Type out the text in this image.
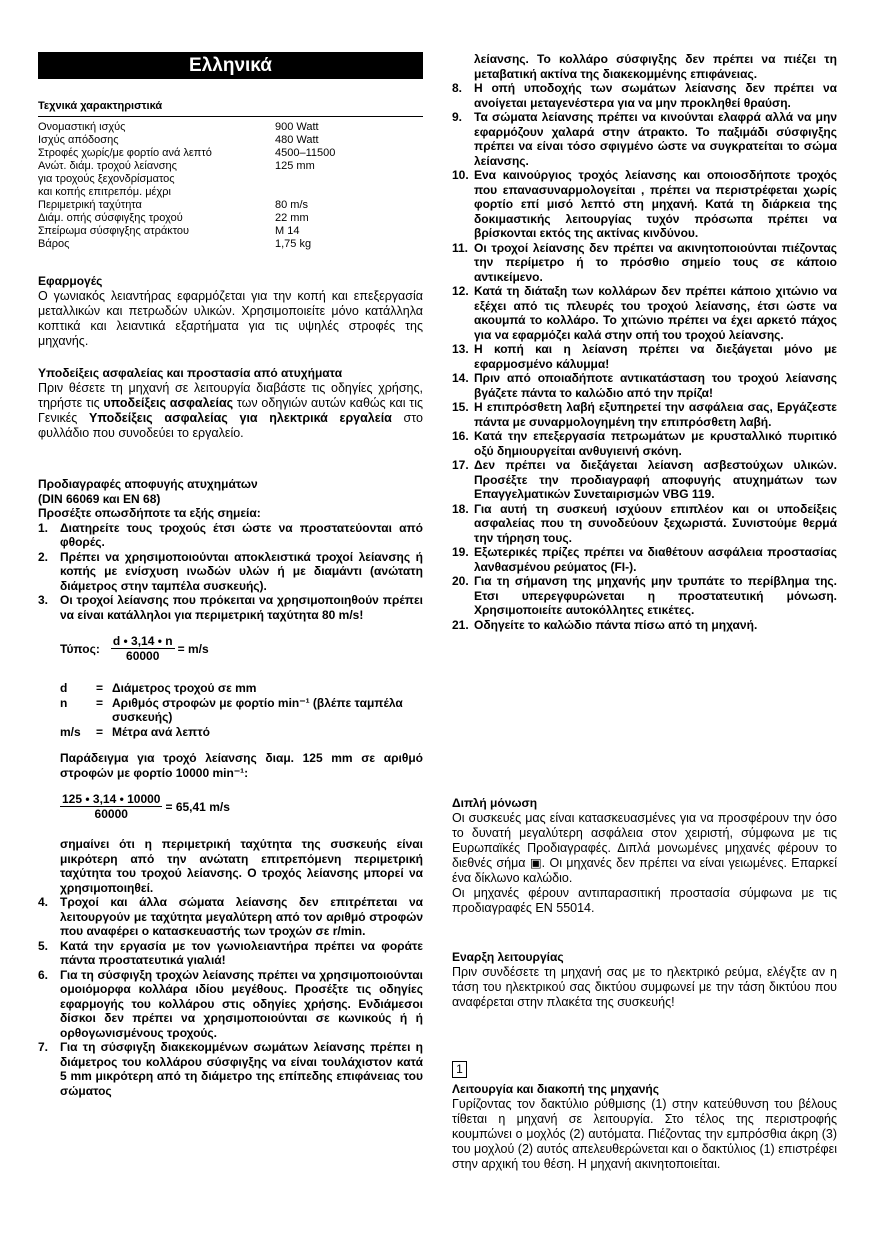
Ελληνικά
Τεχνικά χαρακτηριστικά
Ονομαστική ισχύς	900 Watt
Ισχύς απόδοσης	480 Watt
Στροφές χωρίς/με φορτίο ανά λεπτό	4500–11500
Ανώτ. διάμ. τροχού λείανσης	125 mm
για τροχούς ξεχονδρίσματος
και κοπής επιτρεπόμ. μέχρι
Περιμετρική ταχύτητα	80 m/s
Διάμ. οπής σύσφιγξης τροχού	22 mm
Σπείρωμα σύσφιγξης ατράκτου	M 14
Βάρος	1,75 kg
Εφαρμογές
Ο γωνιακός λειαντήρας εφαρμόζεται για την κοπή και επεξεργασία μεταλλικών και πετρωδών υλικών. Χρησιμοποιείτε μόνο κατάλληλα κοπτικά και λειαντικά εξαρτήματα για τις υψηλές στροφές της μηχανής.
Υποδείξεις ασφαλείας και προστασία από ατυχήματα
Πριν θέσετε τη μηχανή σε λειτουργία διαβάστε τις οδηγίες χρήσης, τηρήστε τις υποδείξεις ασφαλείας των οδηγιών αυτών καθώς και τις Γενικές Υποδείξεις ασφαλείας για ηλεκτρικά εργαλεία στο φυλλάδιο που συνοδεύει το εργαλείο.
Προδιαγραφές αποφυγής ατυχημάτων
(DIN 66069 και EN 68)
Προσέξτε οπωσδήποτε τα εξής σημεία:
1. Διατηρείτε τους τροχούς έτσι ώστε να προστατεύονται από φθορές.
2. Πρέπει να χρησιμοποιούνται αποκλειστικά τροχοί λείανσης ή κοπής με ενίσχυση ινωδών υλών ή με διαμάντι (ανώτατη διάμετρος στην ταμπέλα συσκευής).
3. Οι τροχοί λείανσης που πρόκειται να χρησιμοποιηθούν πρέπει να είναι κατάλληλοι για περιμετρική ταχύτητα 80 m/s!
Τύπος: $\frac{d • 3,14 • n}{60000} = m/s$
d	= Διάμετρος τροχού σε mm
n	= Αριθμός στροφών με φορτίο min⁻¹ (βλέπε ταμπέλα συσκευής)
m/s	= Μέτρα ανά λεπτό
Παράδειγμα για τροχό λείανσης διαμ. 125 mm σε αριθμό στροφών με φορτίο 10000 min⁻¹:
$\frac{125 • 3,14 • 10000}{60000} = 65,41$ m/s
σημαίνει ότι η περιμετρική ταχύτητα της συσκευής είναι μικρότερη από την ανώτατη επιτρεπόμενη περιμετρική ταχύτητα του τροχού λείανσης. Ο τροχός λείανσης μπορεί να χρησιμοποιηθεί.
4. Τροχοί και άλλα σώματα λείανσης δεν επιτρέπεται να λειτουργούν με ταχύτητα μεγαλύτερη από τον αριθμό στροφών που αναφέρει ο κατασκευαστής των τροχών σε r/min.
5. Κατά την εργασία με τον γωνιολειαντήρα πρέπει να φοράτε πάντα προστατευτικά γιαλιά!
6. Για τη σύσφιγξη τροχών λείανσης πρέπει να χρησιμοποιούνται ομοιόμορφα κολλάρα ιδίου μεγέθους. Προσέξτε τις οδηγίες εφαρμογής του κολλάρου στις οδηγίες χρήσης. Ενδιάμεσοι δίσκοι δεν πρέπει να χρησιμοποιούνται σε κωνικούς ή ή ορθογωνισμένους τροχούς.
7. Για τη σύσφιγξη διακεκομμένων σωμάτων λείανσης πρέπει η διάμετρος του κολλάρου σύσφιγξης να είναι τουλάχιστον κατά 5 mm μικρότερη από τη διάμετρο της επίπεδης επιφάνειας του σώματος
λείανσης. Το κολλάρο σύσφιγξης δεν πρέπει να πιέζει τη μεταβατική ακτίνα της διακεκομμένης επιφάνειας.
8. Η οπή υποδοχής των σωμάτων λείανσης δεν πρέπει να ανοίγεται μεταγενέστερα για να μην προκληθεί θραύση.
9. Τα σώματα λείανσης πρέπει να κινούνται ελαφρά αλλά να μην εφαρμόζουν χαλαρά στην άτρακτο. Το παξιμάδι σύσφιγξης πρέπει να είναι τόσο σφιγμένο ώστε να συγκρατείται το σώμα λείανσης.
10. Ενα καινούργιος τροχός λείανσης και οποιοσδήποτε τροχός που επανασυναρμολογείται , πρέπει να περιστρέφεται χωρίς φορτίο επί μισό λεπτό στη μηχανή. Κατά τη διάρκεια της δοκιμαστικής λειτουργίας τυχόν πρόσωπα πρέπει να βρίσκονται εκτός της ακτίνας κινδύνου.
11. Οι τροχοί λείανσης δεν πρέπει να ακινητοποιούνται πιέζοντας την περίμετρο ή το πρόσθιο σημείο τους σε κάποιο αντικείμενο.
12. Κατά τη διάταξη των κολλάρων δεν πρέπει κάποιο χιτώνιο να εξέχει από τις πλευρές του τροχού λείανσης, έτσι ώστε να ακουμπά το κολλάρο. Το χιτώνιο πρέπει να έχει αρκετό πάχος για να εφαρμόζει καλά στην οπή του τροχού λείανσης.
13. Η κοπή και η λείανση πρέπει να διεξάγεται μόνο με εφαρμοσμένο κάλυμμα!
14. Πριν από οποιαδήποτε αντικατάσταση του τροχού λείανσης βγάζετε πάντα το καλώδιο από την πρίζα!
15. Η επιπρόσθετη λαβή εξυπηρετεί την ασφάλεια σας, Εργάζεστε πάντα με συναρμολογημένη την επιπρόσθετη λαβή.
16. Κατά την επεξεργασία πετρωμάτων με κρυσταλλικό πυριτικό οξύ δημιουργείται ανθυγιεινή σκόνη.
17. Δεν πρέπει να διεξάγεται λείανση ασβεστούχων υλικών. Προσέξτε την προδιαγραφή αποφυγής ατυχημάτων των Επαγγελματικών Συνεταιρισμών VBG 119.
18. Για αυτή τη συσκευή ισχύουν επιπλέον και οι υποδείξεις ασφαλείας που τη συνοδεύουν ξεχωριστά. Συνιστούμε θερμά την τήρηση τους.
19. Εξωτερικές πρίζες πρέπει να διαθέτουν ασφάλεια προστασίας λανθασμένου ρεύματος (FI-).
20. Για τη σήμανση της μηχανής μην τρυπάτε το περίβλημα της. Ετσι υπερεγφυρώνεται η προστατευτική μόνωση. Χρησιμοποιείτε αυτοκόλλητες ετικέτες.
21. Οδηγείτε το καλώδιο πάντα πίσω από τη μηχανή.
Διπλή μόνωση
Οι συσκευές μας είναι κατασκευασμένες για να προσφέρουν την όσο το δυνατή μεγαλύτερη ασφάλεια στον χειριστή, σύμφωνα με τις Ευρωπαϊκές Προδιαγραφές. Διπλά μονωμένες μηχανές φέρουν το διεθνές σήμα ▣. Οι μηχανές δεν πρέπει να είναι γειωμένες. Επαρκεί ένα δίκλωνο καλώδιο.
Οι μηχανές φέρουν αντιπαρασιτική προστασία σύμφωνα με τις προδιαγραφές EN 55014.
Εναρξη λειτουργίας
Πριν συνδέσετε τη μηχανή σας με το ηλεκτρικό ρεύμα, ελέγξτε αν η τάση του ηλεκτρικού σας δικτύου συμφωνεί με την τάση δικτύου που αναφέρεται στην πλακέτα της συσκευής!
1
Λειτουργία και διακοπή της μηχανής
Γυρίζοντας τον δακτύλιο ρύθμισης (1) στην κατεύθυνση του βέλους τίθεται η μηχανή σε λειτουργία. Στο τέλος της περιστροφής κουμπώνει ο μοχλός (2) αυτόματα. Πιέζοντας την εμπρόσθια άκρη (3) του μοχλού (2) αυτός απελευθερώνεται και ο δακτύλιος (1) επιστρέφει στην αρχική του θέση. Η μηχανή ακινητοποιείται.
